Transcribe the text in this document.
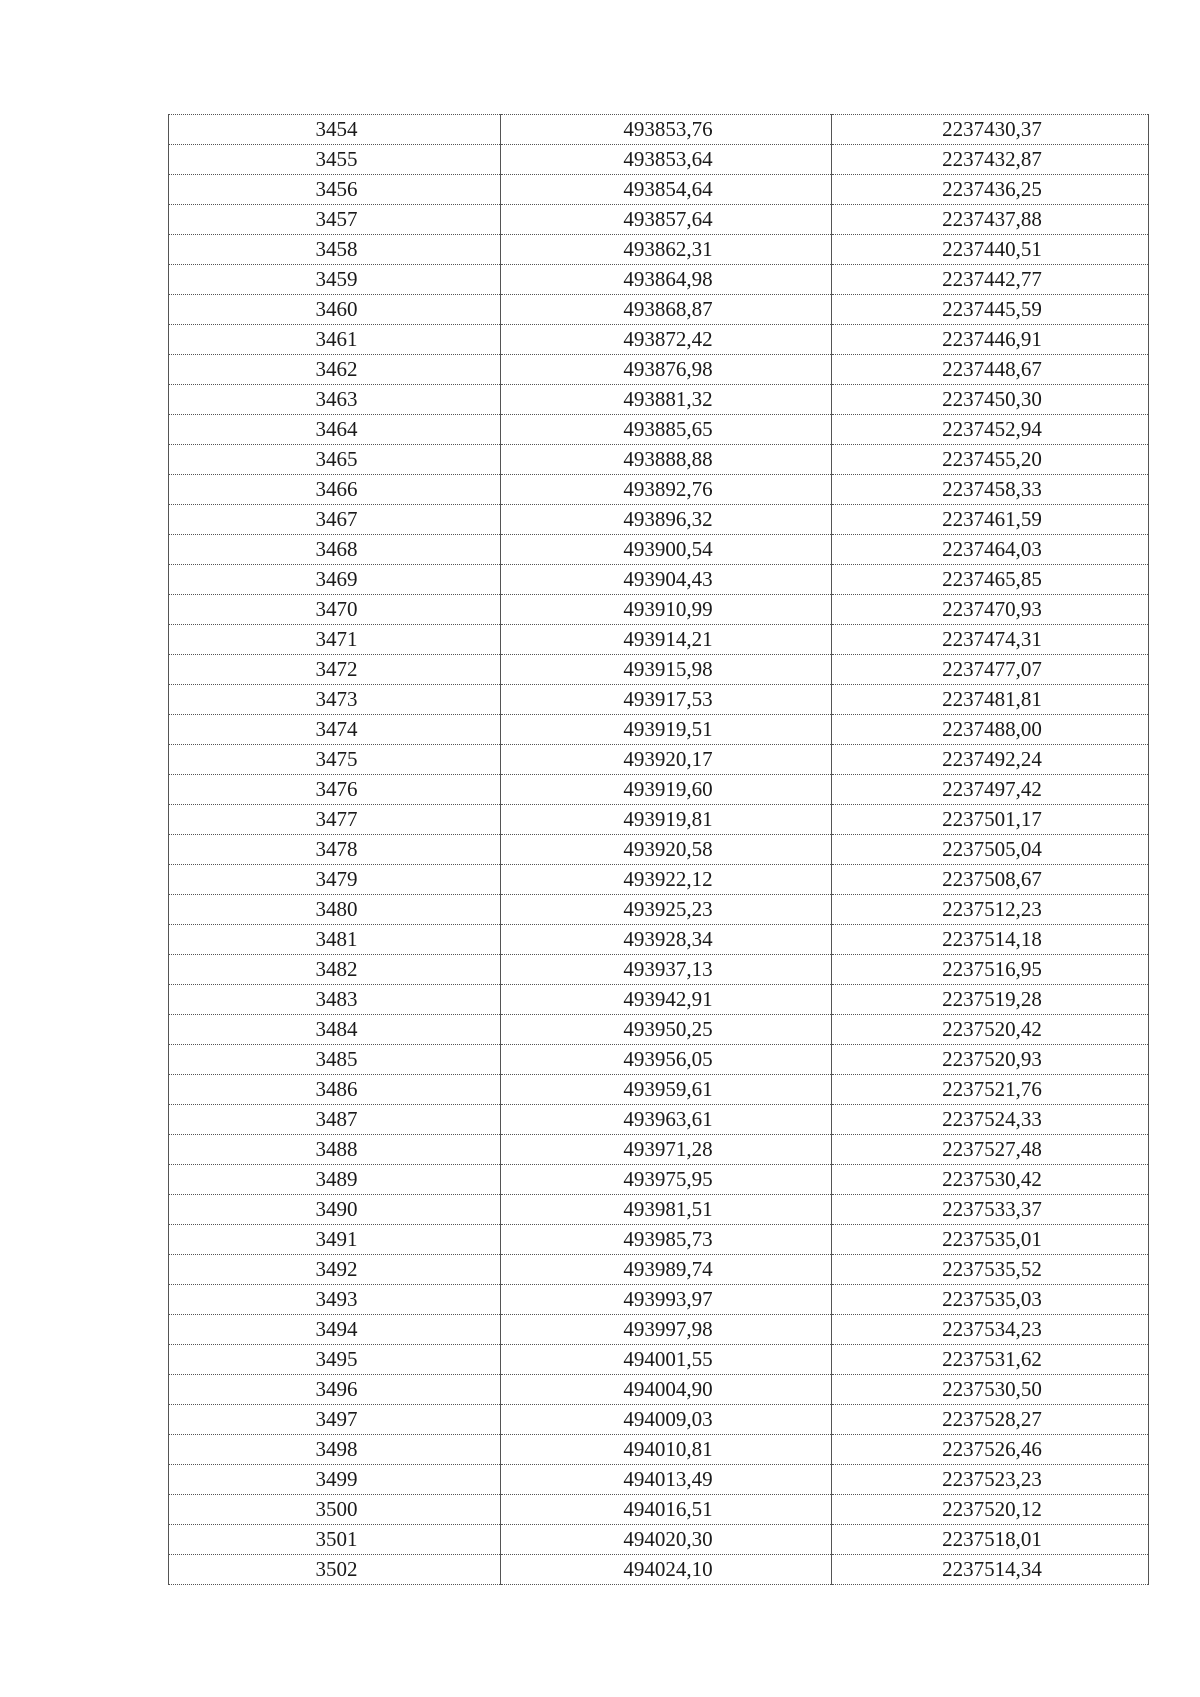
3454	493853,76	2237430,37
3455	493853,64	2237432,87
3456	493854,64	2237436,25
3457	493857,64	2237437,88
3458	493862,31	2237440,51
3459	493864,98	2237442,77
3460	493868,87	2237445,59
3461	493872,42	2237446,91
3462	493876,98	2237448,67
3463	493881,32	2237450,30
3464	493885,65	2237452,94
3465	493888,88	2237455,20
3466	493892,76	2237458,33
3467	493896,32	2237461,59
3468	493900,54	2237464,03
3469	493904,43	2237465,85
3470	493910,99	2237470,93
3471	493914,21	2237474,31
3472	493915,98	2237477,07
3473	493917,53	2237481,81
3474	493919,51	2237488,00
3475	493920,17	2237492,24
3476	493919,60	2237497,42
3477	493919,81	2237501,17
3478	493920,58	2237505,04
3479	493922,12	2237508,67
3480	493925,23	2237512,23
3481	493928,34	2237514,18
3482	493937,13	2237516,95
3483	493942,91	2237519,28
3484	493950,25	2237520,42
3485	493956,05	2237520,93
3486	493959,61	2237521,76
3487	493963,61	2237524,33
3488	493971,28	2237527,48
3489	493975,95	2237530,42
3490	493981,51	2237533,37
3491	493985,73	2237535,01
3492	493989,74	2237535,52
3493	493993,97	2237535,03
3494	493997,98	2237534,23
3495	494001,55	2237531,62
3496	494004,90	2237530,50
3497	494009,03	2237528,27
3498	494010,81	2237526,46
3499	494013,49	2237523,23
3500	494016,51	2237520,12
3501	494020,30	2237518,01
3502	494024,10	2237514,34
